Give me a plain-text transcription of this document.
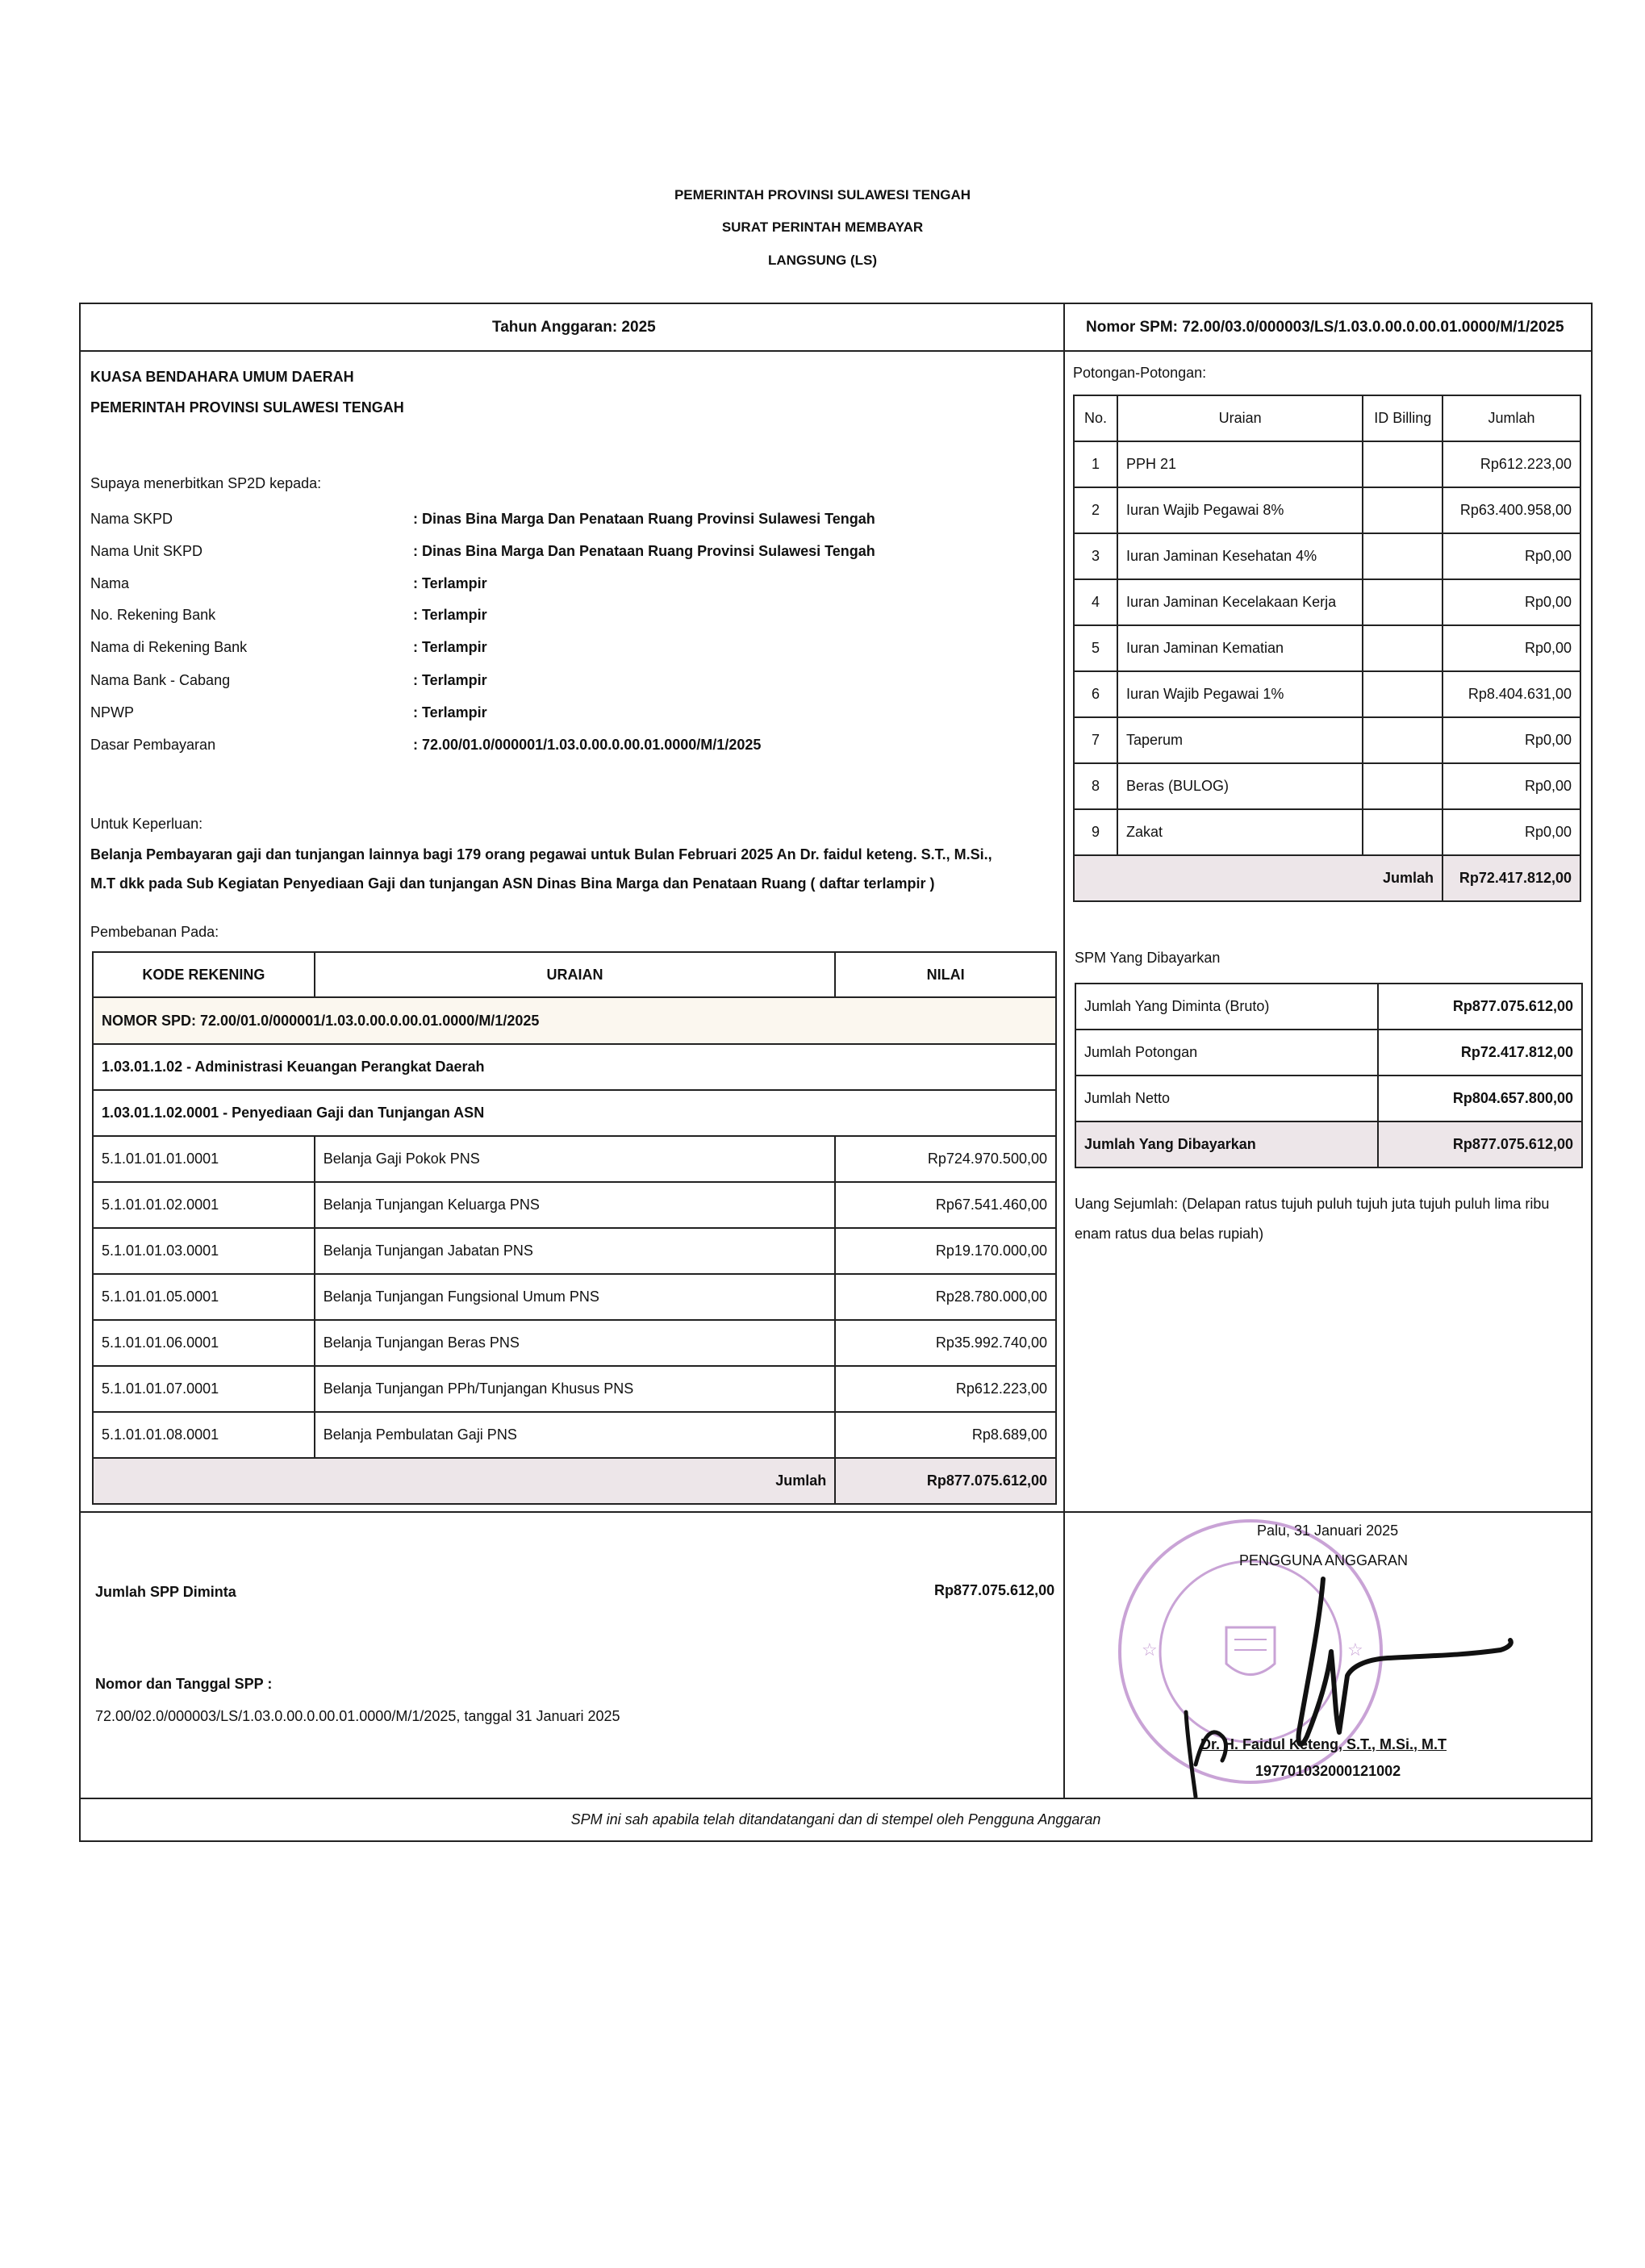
PEMERINTAH PROVINSI SULAWESI TENGAH
SURAT PERINTAH MEMBAYAR
LANGSUNG (LS)
Tahun Anggaran: 2025	Nomor SPM: 72.00/03.0/000003/LS/1.03.0.00.0.00.01.0000/M/1/2025
KUASA BENDAHARA UMUM DAERAH
PEMERINTAH PROVINSI SULAWESI TENGAH
Supaya menerbitkan SP2D kepada:
Nama SKPD	: Dinas Bina Marga Dan Penataan Ruang Provinsi Sulawesi Tengah
Nama Unit SKPD	: Dinas Bina Marga Dan Penataan Ruang Provinsi Sulawesi Tengah
Nama	: Terlampir
No. Rekening Bank	: Terlampir
Nama di Rekening Bank	: Terlampir
Nama Bank - Cabang	: Terlampir
NPWP	: Terlampir
Dasar Pembayaran	: 72.00/01.0/000001/1.03.0.00.0.00.01.0000/M/1/2025
Untuk Keperluan:
Belanja Pembayaran gaji dan tunjangan lainnya bagi 179 orang pegawai untuk Bulan Februari 2025 An Dr. faidul keteng. S.T., M.Si.,
M.T dkk pada Sub Kegiatan Penyediaan Gaji dan tunjangan ASN Dinas Bina Marga dan Penataan Ruang ( daftar terlampir )
Pembebanan Pada:
KODE REKENING	URAIAN	NILAI
NOMOR SPD: 72.00/01.0/000001/1.03.0.00.0.00.01.0000/M/1/2025		
1.03.01.1.02 - Administrasi Keuangan Perangkat Daerah		
1.03.01.1.02.0001 - Penyediaan Gaji dan Tunjangan ASN		
5.1.01.01.01.0001	Belanja Gaji Pokok PNS	Rp724.970.500,00
5.1.01.01.02.0001	Belanja Tunjangan Keluarga PNS	Rp67.541.460,00
5.1.01.01.03.0001	Belanja Tunjangan Jabatan PNS	Rp19.170.000,00
5.1.01.01.05.0001	Belanja Tunjangan Fungsional Umum PNS	Rp28.780.000,00
5.1.01.01.06.0001	Belanja Tunjangan Beras PNS	Rp35.992.740,00
5.1.01.01.07.0001	Belanja Tunjangan PPh/Tunjangan Khusus PNS	Rp612.223,00
5.1.01.01.08.0001	Belanja Pembulatan Gaji PNS	Rp8.689,00
Jumlah		Rp877.075.612,00
Potongan-Potongan:
No.	Uraian	ID Billing	Jumlah
1	PPH 21		Rp612.223,00
2	Iuran Wajib Pegawai 8%		Rp63.400.958,00
3	Iuran Jaminan Kesehatan 4%		Rp0,00
4	Iuran Jaminan Kecelakaan Kerja		Rp0,00
5	Iuran Jaminan Kematian		Rp0,00
6	Iuran Wajib Pegawai 1%		Rp8.404.631,00
7	Taperum		Rp0,00
8	Beras (BULOG)		Rp0,00
9	Zakat		Rp0,00
Jumlah			Rp72.417.812,00
SPM Yang Dibayarkan
Jumlah Yang Diminta (Bruto)	Rp877.075.612,00
Jumlah Potongan	Rp72.417.812,00
Jumlah Netto	Rp804.657.800,00
Jumlah Yang Dibayarkan	Rp877.075.612,00
Uang Sejumlah: (Delapan ratus tujuh puluh tujuh juta tujuh puluh lima ribu
enam ratus dua belas rupiah)
Jumlah SPP Diminta	Rp877.075.612,00
Nomor dan Tanggal SPP :
72.00/02.0/000003/LS/1.03.0.00.0.00.01.0000/M/1/2025, tanggal 31 Januari 2025
☆	☆
Palu, 31 Januari 2025
PENGGUNA ANGGARAN
Dr. H. Faidul Keteng, S.T., M.Si., M.T
197701032000121002
SPM ini sah apabila telah ditandatangani dan di stempel oleh Pengguna Anggaran
